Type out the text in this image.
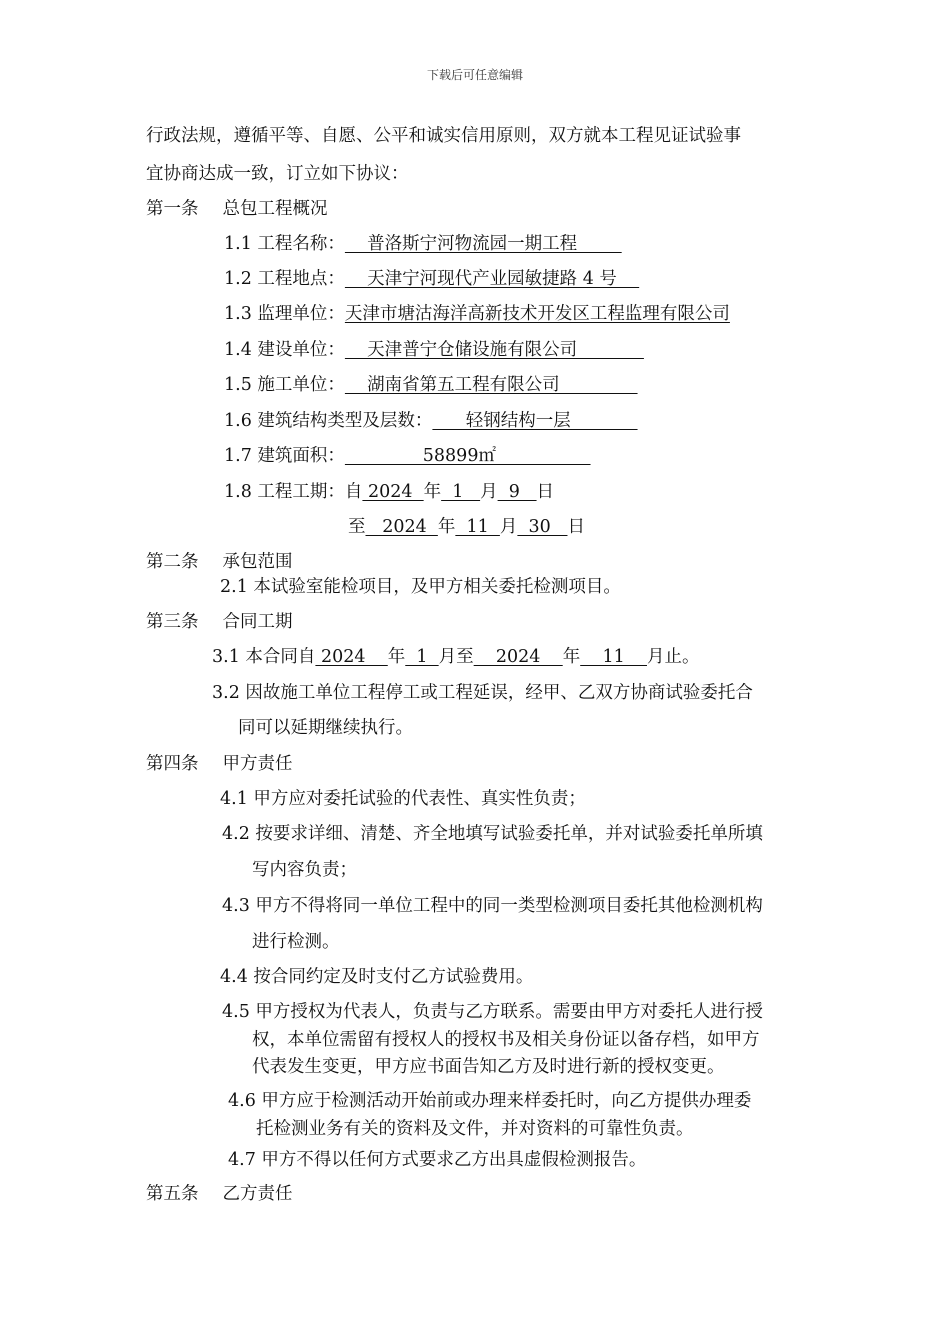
下载后可任意编辑
行政法规，遵循平等、自愿、公平和诚实信用原则，双方就本工程见证试验事
宜协商达成一致，订立如下协议：
第一条 总包工程概况
1.1 工程名称：    普洛斯宁河物流园一期工程
1.2 工程地点：    天津宁河现代产业园敏捷路 4 号
1.3 监理单位：天津市塘沽海洋高新技术开发区工程监理有限公司
1.4 建设单位：    天津普宁仓储设施有限公司
1.5 施工单位：    湖南省第五工程有限公司
1.6 建筑结构类型及层数：      轻钢结构一层
1.7 建筑面积：              58899㎡
1.8 工程工期：自 2024  年  1   月  9   日
至   2024  年  11  月  30   日
第二条 承包范围
2.1 本试验室能检项目，及甲方相关委托检测项目。
第三条 合同工期
3.1 本合同自 2024    年  1  月至    2024    年    11    月止。
3.2 因故施工单位工程停工或工程延误，经甲、乙双方协商试验委托合
同可以延期继续执行。
第四条 甲方责任
4.1 甲方应对委托试验的代表性、真实性负责；
4.2 按要求详细、清楚、齐全地填写试验委托单，并对试验委托单所填
写内容负责；
4.3 甲方不得将同一单位工程中的同一类型检测项目委托其他检测机构
进行检测。
4.4 按合同约定及时支付乙方试验费用。
4.5 甲方授权为代表人，负责与乙方联系。需要由甲方对委托人进行授
权，本单位需留有授权人的授权书及相关身份证以备存档，如甲方
代表发生变更，甲方应书面告知乙方及时进行新的授权变更。
4.6 甲方应于检测活动开始前或办理来样委托时，向乙方提供办理委
托检测业务有关的资料及文件，并对资料的可靠性负责。
4.7 甲方不得以任何方式要求乙方出具虚假检测报告。
第五条 乙方责任
